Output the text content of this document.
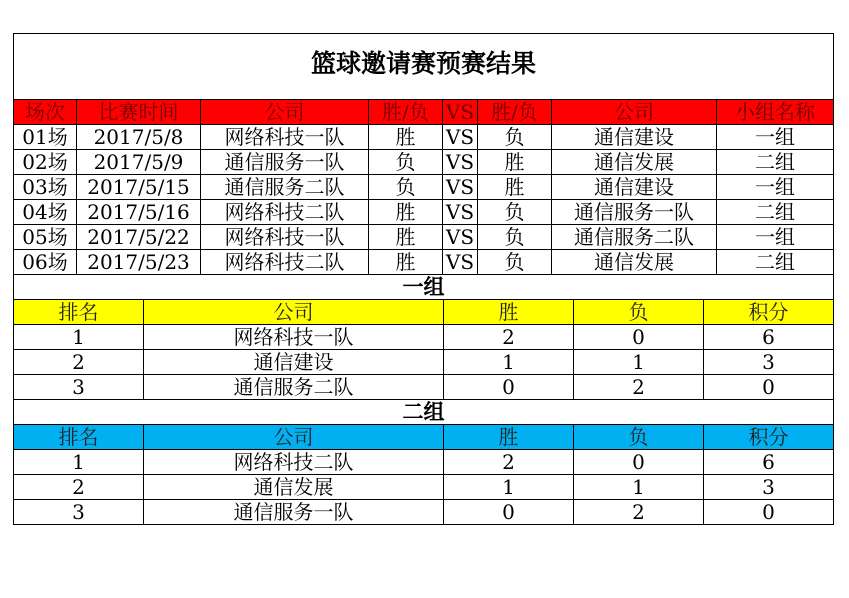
篮球邀请赛预赛结果							
场次	比赛时间	公司	胜/负	VS	胜/负	公司	小组名称
01场	2017/5/8	网络科技一队	胜	VS	负	通信建设	一组
02场	2017/5/9	通信服务一队	负	VS	胜	通信发展	二组
03场	2017/5/15	通信服务二队	负	VS	胜	通信建设	一组
04场	2017/5/16	网络科技二队	胜	VS	负	通信服务一队	二组
05场	2017/5/22	网络科技一队	胜	VS	负	通信服务二队	一组
06场	2017/5/23	网络科技二队	胜	VS	负	通信发展	二组
一组				
排名	公司	胜	负	积分
1	网络科技一队	2	0	6
2	通信建设	1	1	3
3	通信服务二队	0	2	0
二组				
排名	公司	胜	负	积分
1	网络科技二队	2	0	6
2	通信发展	1	1	3
3	通信服务一队	0	2	0
